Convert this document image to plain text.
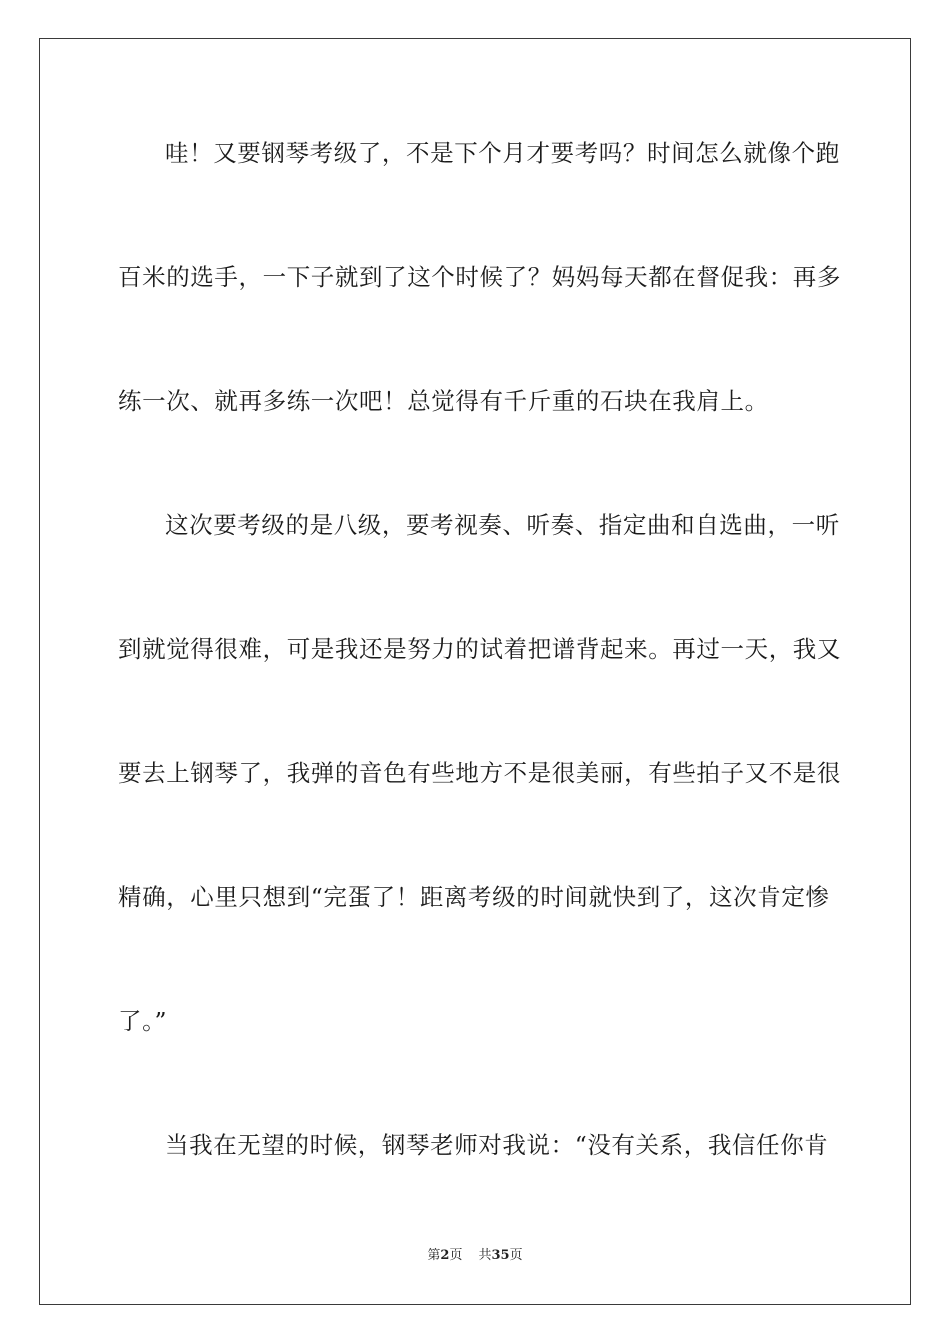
哇！又要钢琴考级了，不是下个月才要考吗？时间怎么就像个跑
百米的选手，一下子就到了这个时候了？妈妈每天都在督促我：再多
练一次、就再多练一次吧！总觉得有千斤重的石块在我肩上。
这次要考级的是八级，要考视奏、听奏、指定曲和自选曲，一听
到就觉得很难，可是我还是努力的试着把谱背起来。再过一天，我又
要去上钢琴了，我弹的音色有些地方不是很美丽，有些拍子又不是很
精确，心里只想到“完蛋了！距离考级的时间就快到了，这次肯定惨
了。”
当我在无望的时候，钢琴老师对我说：“没有关系，我信任你肯
第2页 共35页
